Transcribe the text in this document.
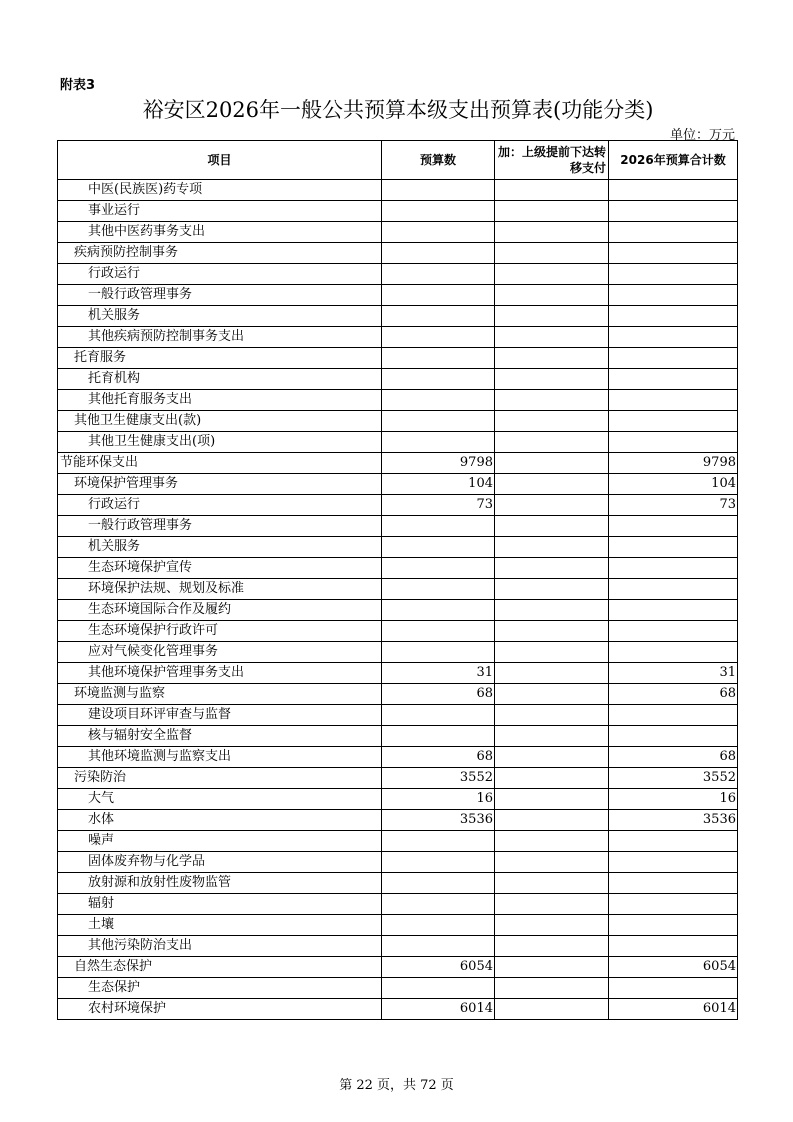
附表3
裕安区2026年一般公共预算本级支出预算表(功能分类)
单位：万元
项目	预算数	加：上级提前下达转移支付	2026年预算合计数
中医(民族医)药专项			
事业运行			
其他中医药事务支出			
疾病预防控制事务			
行政运行			
一般行政管理事务			
机关服务			
其他疾病预防控制事务支出			
托育服务			
托育机构			
其他托育服务支出			
其他卫生健康支出(款)			
其他卫生健康支出(项)			
节能环保支出	9798		9798
环境保护管理事务	104		104
行政运行	73		73
一般行政管理事务			
机关服务			
生态环境保护宣传			
环境保护法规、规划及标准			
生态环境国际合作及履约			
生态环境保护行政许可			
应对气候变化管理事务			
其他环境保护管理事务支出	31		31
环境监测与监察	68		68
建设项目环评审查与监督			
核与辐射安全监督			
其他环境监测与监察支出	68		68
污染防治	3552		3552
大气	16		16
水体	3536		3536
噪声			
固体废弃物与化学品			
放射源和放射性废物监管			
辐射			
土壤			
其他污染防治支出			
自然生态保护	6054		6054
生态保护			
农村环境保护	6014		6014
第 22 页，共 72 页
